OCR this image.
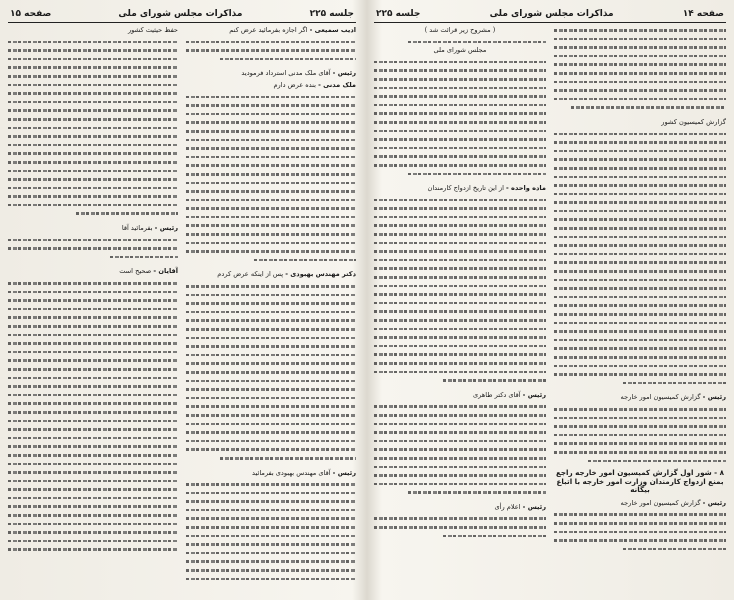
جلسه ۲۲۵
مذاکرات مجلس شورای ملی
صفحه ۱۵

ادیب سمیعی - اگر اجازه بفرمائید عرض کنم

رئیس - آقای ملک مدنی استرداد فرمودید

ملک مدنی - بنده عرض دارم

دکتر مهندس بهبودی - پس از اینکه عرض کردم

رئیس - آقای مهندس بهبودی بفرمائید

حفظ حیثیت کشور

رئیس - بفرمائید آقا

آقایان - صحیح است

صفحه ۱۴
مذاکرات مجلس شورای ملی
جلسه ۲۲۵

گزارش کمیسیون کشور

رئیس - گزارش کمیسیون امور خارجه

۸ - شور اول گزارش کمیسیون امور خارجه راجع بمنع ازدواج کارمندان وزارت امور خارجه با اتباع بیگانه

رئیس - گزارش کمیسیون امور خارجه

( مشروح زیر قرائت شد )

مجلس شورای ملی

ماده واحده - از این تاریخ ازدواج کارمندان

رئیس - آقای دکتر طاهری

رئیس - اعلام رأی
